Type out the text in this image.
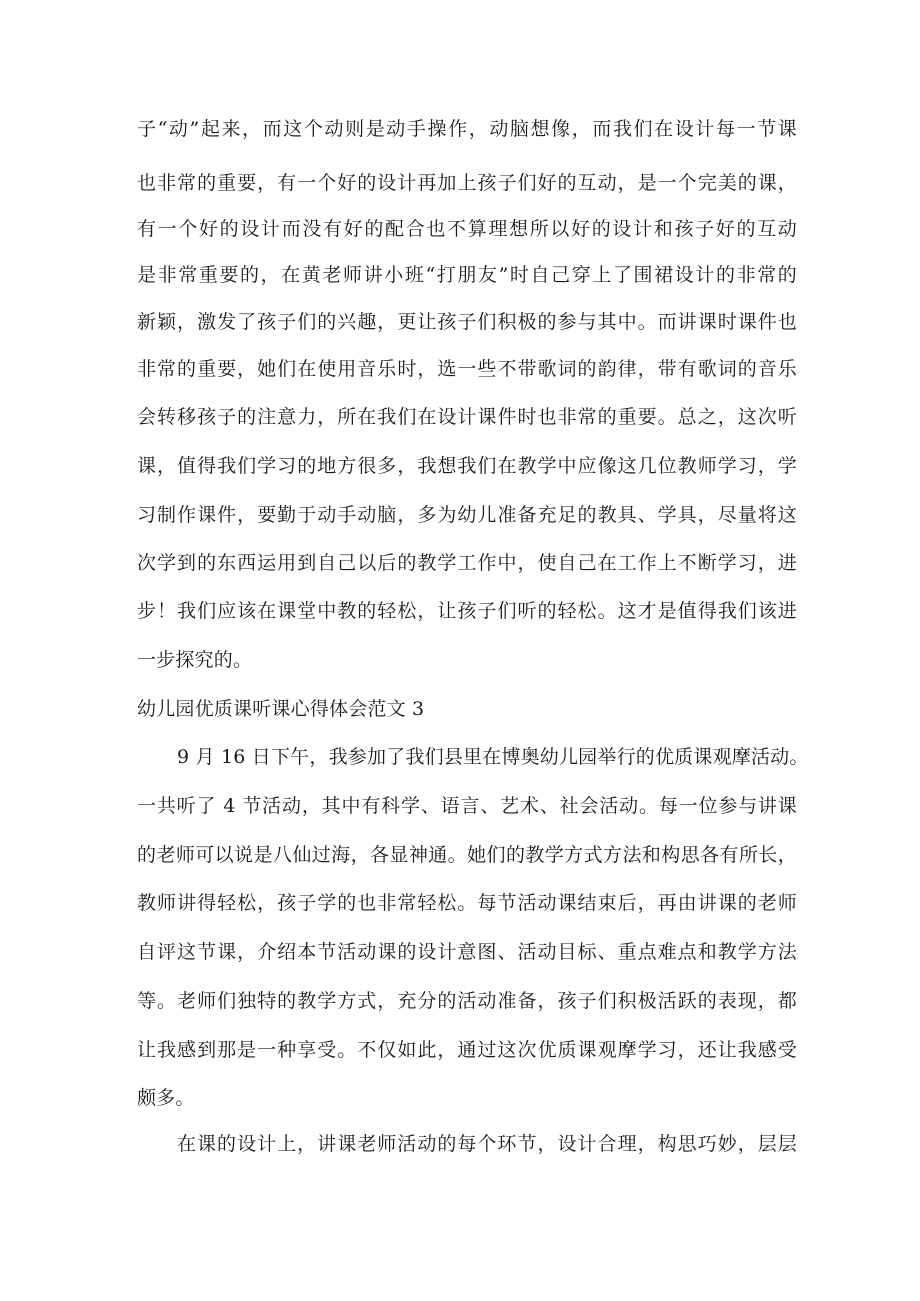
子“动”起来，而这个动则是动手操作，动脑想像，而我们在设计每一节课
也非常的重要，有一个好的设计再加上孩子们好的互动，是一个完美的课，
有一个好的设计而没有好的配合也不算理想所以好的设计和孩子好的互动
是非常重要的，在黄老师讲小班“打朋友”时自己穿上了围裙设计的非常的
新颖，激发了孩子们的兴趣，更让孩子们积极的参与其中。而讲课时课件也
非常的重要，她们在使用音乐时，选一些不带歌词的韵律，带有歌词的音乐
会转移孩子的注意力，所在我们在设计课件时也非常的重要。总之，这次听
课，值得我们学习的地方很多，我想我们在教学中应像这几位教师学习，学
习制作课件，要勤于动手动脑，多为幼儿准备充足的教具、学具，尽量将这
次学到的东西运用到自己以后的教学工作中，使自己在工作上不断学习，进
步！我们应该在课堂中教的轻松，让孩子们听的轻松。这才是值得我们该进
一步探究的。
幼儿园优质课听课心得体会范文 3
9 月 16 日下午，我参加了我们县里在博奥幼儿园举行的优质课观摩活动。
一共听了 4 节活动，其中有科学、语言、艺术、社会活动。每一位参与讲课
的老师可以说是八仙过海，各显神通。她们的教学方式方法和构思各有所长，
教师讲得轻松，孩子学的也非常轻松。每节活动课结束后，再由讲课的老师
自评这节课，介绍本节活动课的设计意图、活动目标、重点难点和教学方法
等。老师们独特的教学方式，充分的活动准备，孩子们积极活跃的表现，都
让我感到那是一种享受。不仅如此，通过这次优质课观摩学习，还让我感受
颇多。
在课的设计上，讲课老师活动的每个环节，设计合理，构思巧妙，层层
